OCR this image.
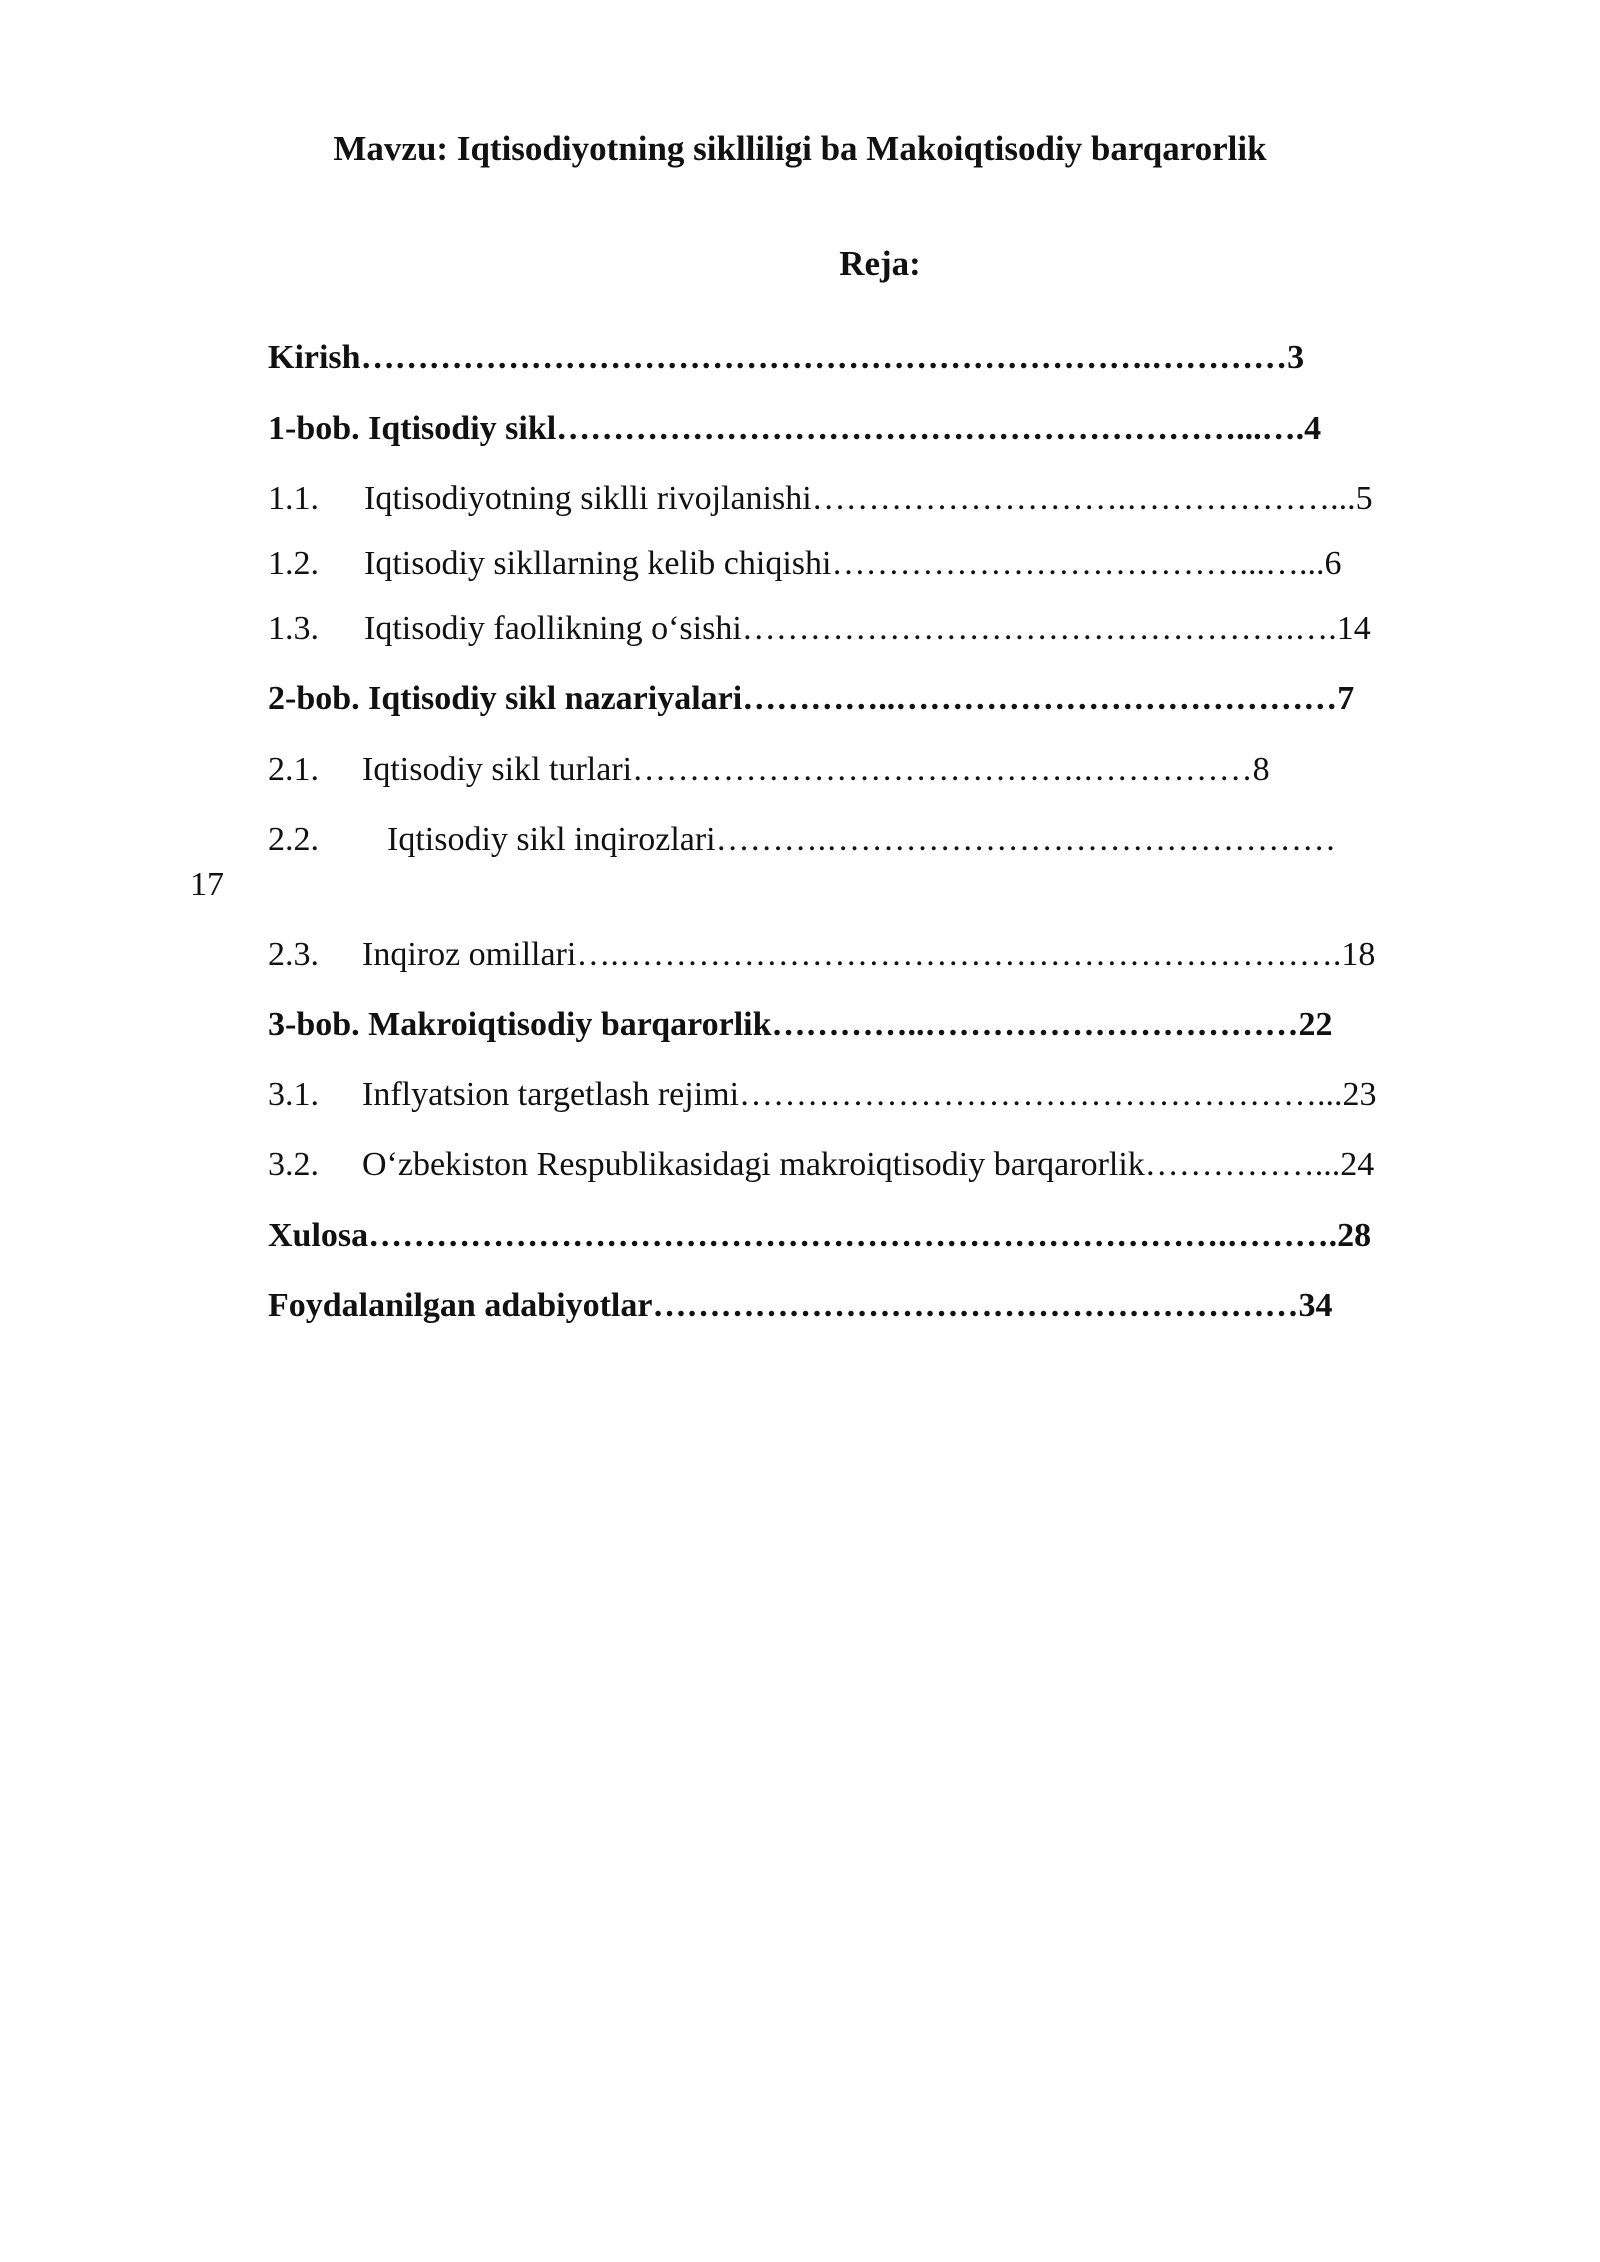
Mavzu: Iqtisodiyotning siklliligi ba Makoiqtisodiy barqarorlik
Reja:
Kirish…………………………………………………………….…………3
1-bob. Iqtisodiy sikl……………………………………………………...….4
1.1. Iqtisodiyotning siklli rivojlanishi……………………….………………...5
1.2. Iqtisodiy sikllarning kelib chiqishi………………………………...…...6
1.3. Iqtisodiy faollikning o‘sishi………………………………………….….14
2-bob. Iqtisodiy sikl nazariyalari…………..…………………………………7
2.1. Iqtisodiy sikl turlari………………………………….……………8
2.2. Iqtisodiy sikl inqirozlari……….………………………………………
17
2.3. Inqiroz omillari….……………………………………………………….18
3-bob. Makroiqtisodiy barqarorlik…………..……………………………22
3.1. Inflyatsion targetlash rejimi……………………………………………...23
3.2. O‘zbekiston Respublikasidagi makroiqtisodiy barqarorlik……………...24
Xulosa………………………………………………………………….……….28
Foydalanilgan adabiyotlar…………………………………………………34
